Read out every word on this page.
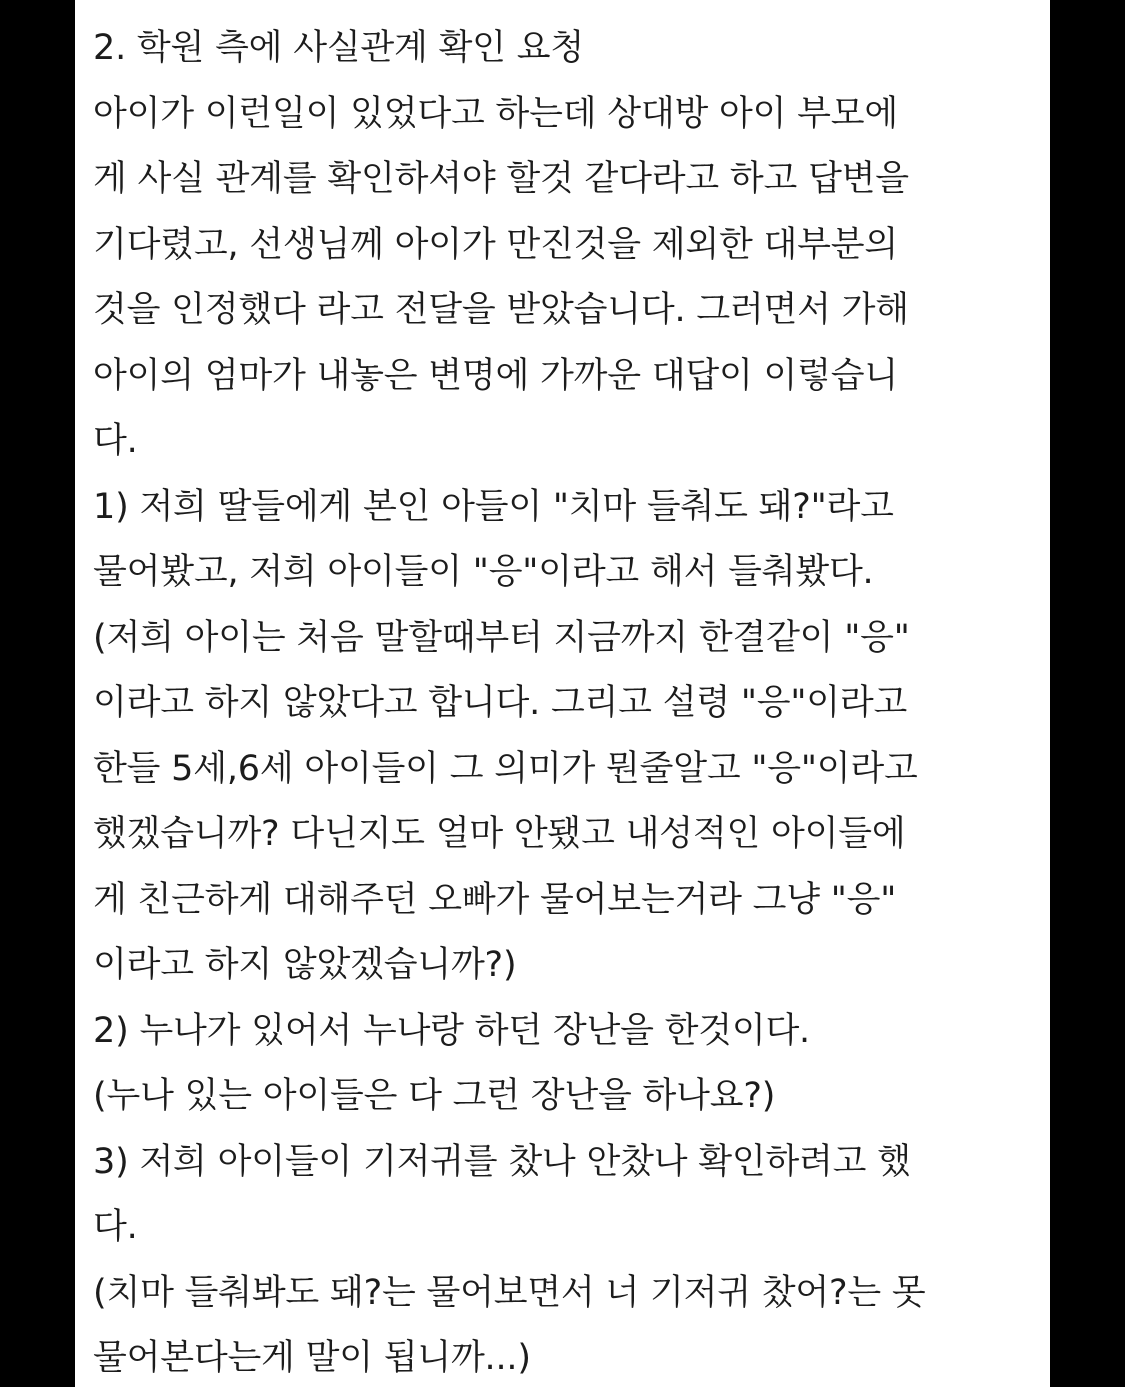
2. 학원 측에 사실관계 확인 요청
아이가 이런일이 있었다고 하는데 상대방 아이 부모에
게 사실 관계를 확인하셔야 할것 같다라고 하고 답변을
기다렸고, 선생님께 아이가 만진것을 제외한 대부분의
것을 인정했다 라고 전달을 받았습니다. 그러면서 가해
아이의 엄마가 내놓은 변명에 가까운 대답이 이렇습니
다.
1) 저희 딸들에게 본인 아들이 "치마 들춰도 돼?"라고
물어봤고, 저희 아이들이 "응"이라고 해서 들춰봤다.
(저희 아이는 처음 말할때부터 지금까지 한결같이 "응"
이라고 하지 않았다고 합니다. 그리고 설령 "응"이라고
한들 5세,6세 아이들이 그 의미가 뭔줄알고 "응"이라고
했겠습니까? 다닌지도 얼마 안됐고 내성적인 아이들에
게 친근하게 대해주던 오빠가 물어보는거라 그냥 "응"
이라고 하지 않았겠습니까?)
2) 누나가 있어서 누나랑 하던 장난을 한것이다.
(누나 있는 아이들은 다 그런 장난을 하나요?)
3) 저희 아이들이 기저귀를 찼나 안찼나 확인하려고 했
다.
(치마 들춰봐도 돼?는 물어보면서 너 기저귀 찼어?는 못
물어본다는게 말이 됩니까...)
